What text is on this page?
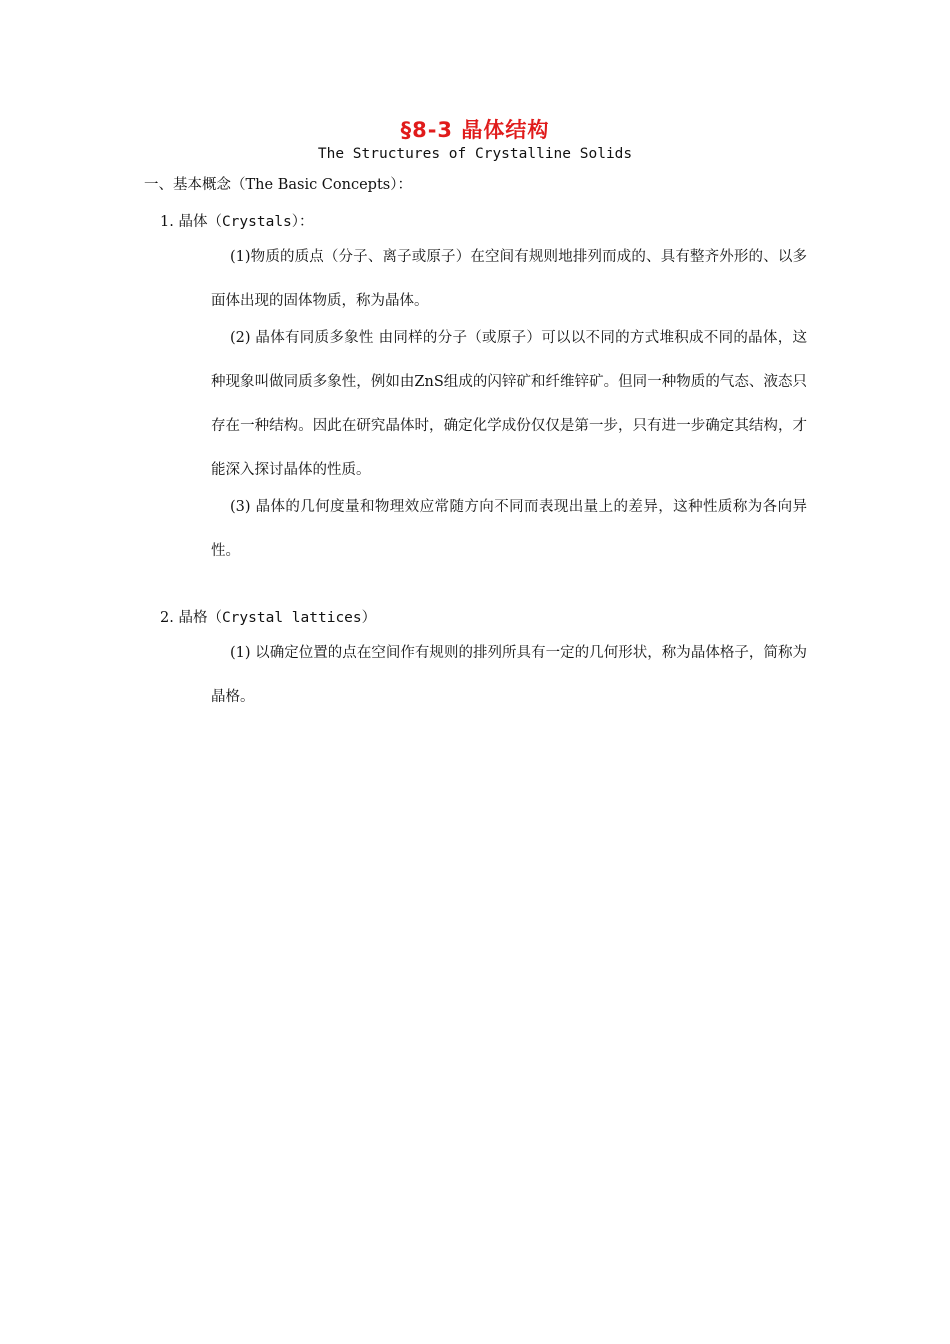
§8-3 晶体结构
The Structures of Crystalline Solids
一、基本概念（The Basic Concepts）：
1. 晶体（Crystals）：
(1)物质的质点（分子、离子或原子）在空间有规则地排列而成的、具有整齐外形的、以多面体出现的固体物质，称为晶体。
(2) 晶体有同质多象性 由同样的分子（或原子）可以以不同的方式堆积成不同的晶体，这种现象叫做同质多象性，例如由ZnS组成的闪锌矿和纤维锌矿。但同一种物质的气态、液态只存在一种结构。因此在研究晶体时，确定化学成份仅仅是第一步，只有进一步确定其结构，才能深入探讨晶体的性质。
(3) 晶体的几何度量和物理效应常随方向不同而表现出量上的差异，这种性质称为各向异性。
2. 晶格（Crystal lattices）
(1) 以确定位置的点在空间作有规则的排列所具有一定的几何形状，称为晶体格子，简称为晶格。
